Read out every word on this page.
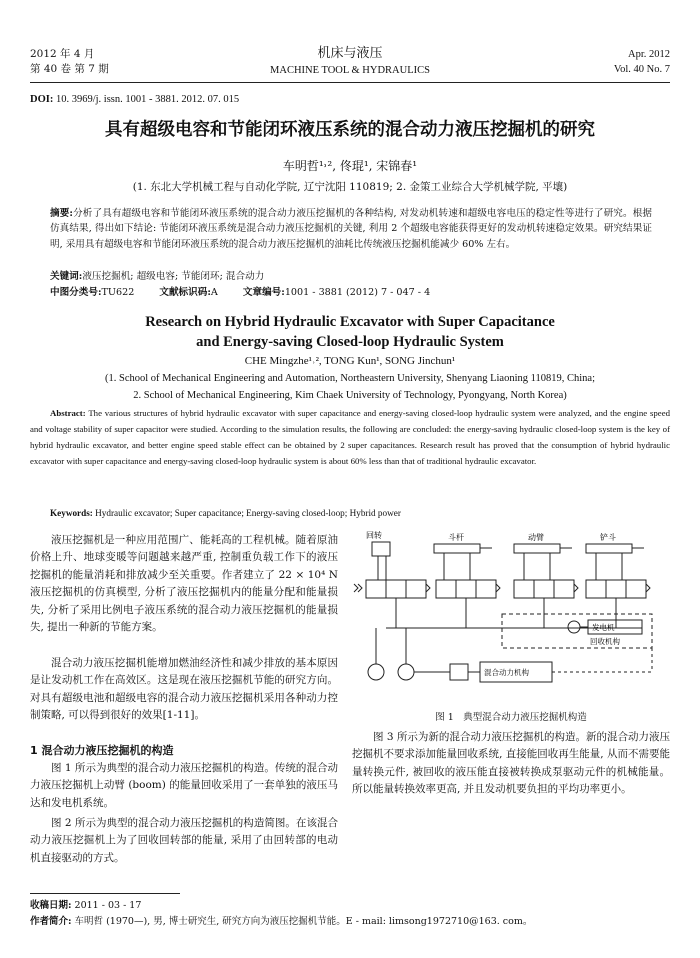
2012 年 4 月
第 40 卷 第 7 期
机床与液压
MACHINE TOOL & HYDRAULICS
Apr. 2012
Vol. 40 No. 7
DOI: 10. 3969/j. issn. 1001 - 3881. 2012. 07. 015
具有超级电容和节能闭环液压系统的混合动力液压挖掘机的研究
车明哲¹˒², 佟琨¹, 宋锦春¹
(1. 东北大学机械工程与自动化学院, 辽宁沈阳 110819; 2. 金策工业综合大学机械学院, 平壤)
摘要:分析了具有超级电容和节能闭环液压系统的混合动力液压挖掘机的各种结构, 对发动机转速和超级电容电压的稳定性等进行了研究。根据仿真结果, 得出如下结论: 节能闭环液压系统是混合动力液压挖掘机的关键, 利用 2 个超级电容能获得更好的发动机转速稳定效果。研究结果证明, 采用具有超级电容和节能闭环液压系统的混合动力液压挖掘机的油耗比传统液压挖掘机能减少 60% 左右。
关键词:液压挖掘机; 超级电容; 节能闭环; 混合动力
中图分类号:TU622	文献标识码:A	文章编号:1001 - 3881 (2012) 7 - 047 - 4
Research on Hybrid Hydraulic Excavator with Super Capacitance
and Energy-saving Closed-loop Hydraulic System
CHE Mingzhe¹˒², TONG Kun¹, SONG Jinchun¹
(1. School of Mechanical Engineering and Automation, Northeastern University, Shenyang Liaoning 110819, China;
2. School of Mechanical Engineering, Kim Chaek University of Technology, Pyongyang, North Korea)
Abstract: The various structures of hybrid hydraulic excavator with super capacitance and energy-saving closed-loop hydraulic system were analyzed, and the engine speed and voltage stability of super capacitor were studied. According to the simulation results, the following are concluded: the energy-saving hydraulic closed-loop system is the key of hybrid hydraulic excavator, and better engine speed stable effect can be obtained by 2 super capacitances. Research result has proved that the consumption of hybrid hydraulic excavator with super capacitance and energy-saving closed-loop hydraulic system is about 60% less than that of traditional hydraulic excavator.
Keywords: Hydraulic excavator; Super capacitance; Energy-saving closed-loop; Hybrid power
液压挖掘机是一种应用范围广、能耗高的工程机械。随着原油价格上升、地球变暖等问题越来越严重, 控制重负载工作下的液压挖掘机的能量消耗和排放减少至关重要。作者建立了 22 × 10⁴ N 液压挖掘机的仿真模型, 分析了液压挖掘机内的能量分配和能量损失, 分析了采用比例电子液压系统的混合动力液压挖掘机的能量损失, 提出一种新的节能方案。
混合动力液压挖掘机能增加燃油经济性和减少排放的基本原因是让发动机工作在高效区。这是现在液压挖掘机节能的研究方向。对具有超级电池和超级电容的混合动力液压挖掘机采用各种动力控制策略, 可以得到很好的效果[1-11]。
1 混合动力液压挖掘机的构造
图 1 所示为典型的混合动力液压挖掘机的构造。传统的混合动力液压挖掘机上动臂 (boom) 的能量回收采用了一套单独的液压马达和发电机系统。
图 2 所示为典型的混合动力液压挖掘机的构造简图。在该混合动力液压挖掘机上为了回收回转部的能量, 采用了由回转部的电动机直接驱动的方式。
回转	斗杆	动臂	铲斗
发电机
回收机构
混合动力机构
图 1　典型混合动力液压挖掘机构造
图 3 所示为新的混合动力液压挖掘机的构造。新的混合动力液压挖掘机不要求添加能量回收系统, 直接能回收再生能量, 从而不需要能量转换元件, 被回收的液压能直接被转换成泵驱动元件的机械能量。所以能量转换效率更高, 并且发动机要负担的平均功率更小。
收稿日期: 2011 - 03 - 17
作者简介: 车明哲 (1970—), 男, 博士研究生, 研究方向为液压挖掘机节能。E - mail: limsong1972710@163. com。
